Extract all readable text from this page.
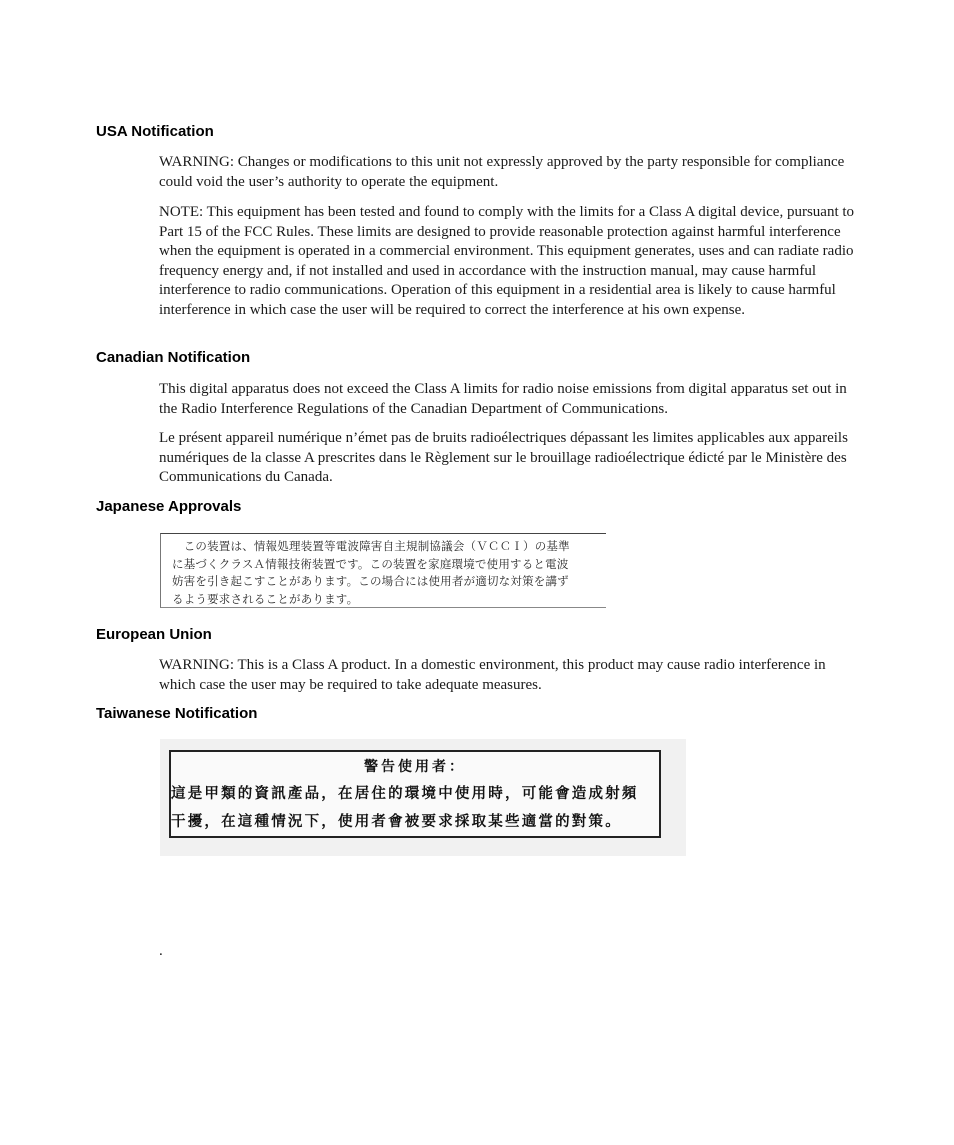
USA Notification

WARNING: Changes or modifications to this unit not expressly approved by the party responsible for compliance could void the user’s authority to operate the equipment.

NOTE: This equipment has been tested and found to comply with the limits for a Class A digital device, pursuant to Part 15 of the FCC Rules. These limits are designed to provide reasonable protection against harmful interference when the equipment is operated in a commercial environment. This equipment generates, uses and can radiate radio frequency energy and, if not installed and used in accordance with the instruction manual, may cause harmful interference to radio communications. Operation of this equipment in a residential area is likely to cause harmful interference in which case the user will be required to correct the interference at his own expense.

Canadian Notification

This digital apparatus does not exceed the Class A limits for radio noise emissions from digital apparatus set out in the Radio Interference Regulations of the Canadian Department of Communications.

Le présent appareil numérique n’émet pas de bruits radioélectriques dépassant les limites applicables aux appareils numériques de la classe A prescrites dans le Règlement sur le brouillage radioélectrique édicté par le Ministère des Communications du Canada.

Japanese Approvals

　この装置は、情報処理装置等電波障害自主規制協議会（ＶＣＣＩ）の基準
に基づくクラスＡ情報技術装置です。この装置を家庭環境で使用すると電波
妨害を引き起こすことがあります。この場合には使用者が適切な対策を講ず
るよう要求されることがあります。

European Union

WARNING: This is a Class A product. In a domestic environment, this product may cause radio interference in which case the user may be required to take adequate measures.

Taiwanese Notification
警告使用者：
這是甲類的資訊產品，在居住的環境中使用時，可能會造成射頻
干擾，在這種情況下，使用者會被要求採取某些適當的對策。
.
